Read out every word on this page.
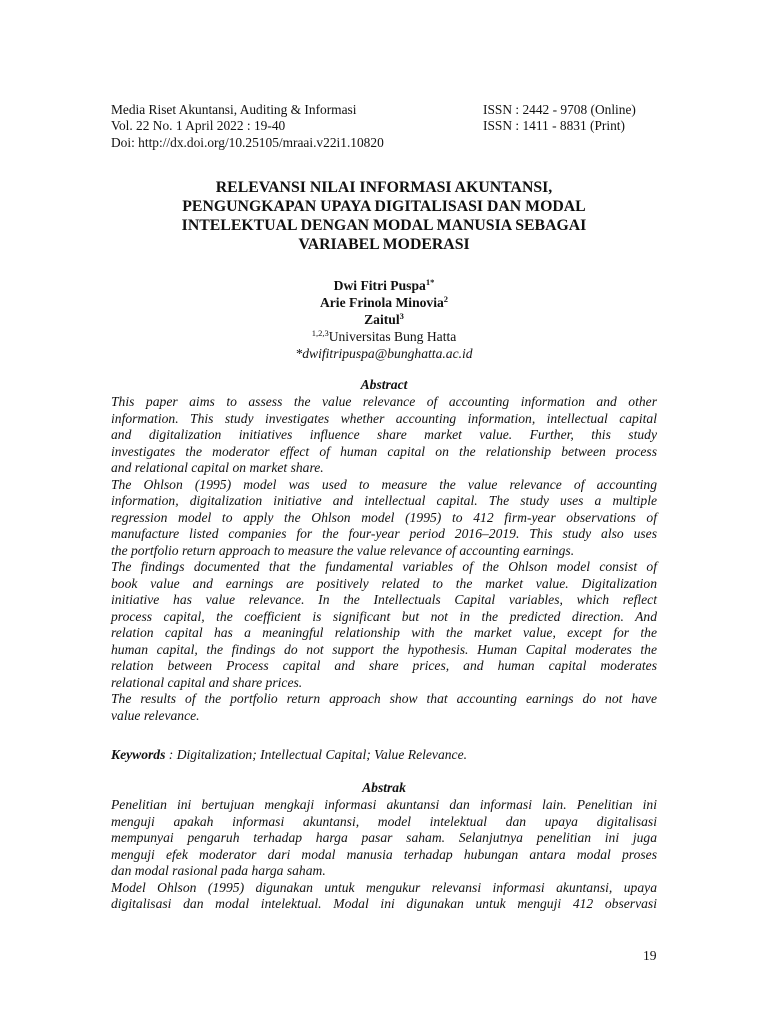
Media Riset Akuntansi, Auditing & Informasi
Vol. 22 No. 1 April 2022 : 19-40
Doi: http://dx.doi.org/10.25105/mraai.v22i1.10820
ISSN : 2442 - 9708 (Online)
ISSN : 1411 - 8831 (Print)
RELEVANSI NILAI INFORMASI AKUNTANSI,
PENGUNGKAPAN UPAYA DIGITALISASI DAN MODAL
INTELEKTUAL DENGAN MODAL MANUSIA SEBAGAI
VARIABEL MODERASI
Dwi Fitri Puspa$^{1*}$
Arie Frinola Minovia$^2$
Zaitul$^3$
$^{1,2,3}$Universitas Bung Hatta
*dwifitripuspa@bunghatta.ac.id
Abstract
This paper aims to assess the value relevance of accounting information and other
information. This study investigates whether accounting information, intellectual capital
and digitalization initiatives influence share market value. Further, this study
investigates the moderator effect of human capital on the relationship between process
and relational capital on market share.
The Ohlson (1995) model was used to measure the value relevance of accounting
information, digitalization initiative and intellectual capital. The study uses a multiple
regression model to apply the Ohlson model (1995) to 412 firm-year observations of
manufacture listed companies for the four-year period 2016–2019. This study also uses
the portfolio return approach to measure the value relevance of accounting earnings.
The findings documented that the fundamental variables of the Ohlson model consist of
book value and earnings are positively related to the market value. Digitalization
initiative has value relevance. In the Intellectuals Capital variables, which reflect
process capital, the coefficient is significant but not in the predicted direction. And
relation capital has a meaningful relationship with the market value, except for the
human capital, the findings do not support the hypothesis. Human Capital moderates the
relation between Process capital and share prices, and human capital moderates
relational capital and share prices.
The results of the portfolio return approach show that accounting earnings do not have
value relevance.
Keywords : Digitalization; Intellectual Capital; Value Relevance.
Abstrak
Penelitian ini bertujuan mengkaji informasi akuntansi dan informasi lain. Penelitian ini
menguji apakah informasi akuntansi, model intelektual dan upaya digitalisasi
mempunyai pengaruh terhadap harga pasar saham. Selanjutnya penelitian ini juga
menguji efek moderator dari modal manusia terhadap hubungan antara modal proses
dan modal rasional pada harga saham.
Model Ohlson (1995) digunakan untuk mengukur relevansi informasi akuntansi, upaya
digitalisasi dan modal intelektual. Modal ini digunakan untuk menguji 412 observasi
19
